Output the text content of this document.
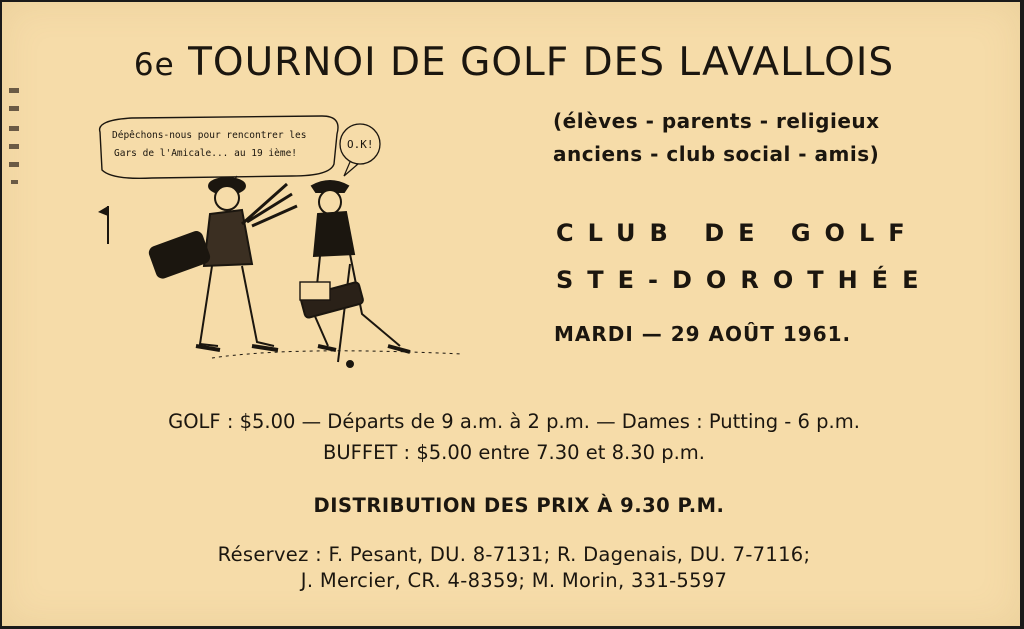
6e TOURNOI DE GOLF DES LAVALLOIS
(élèves - parents - religieux
anciens - club social - amis)
CLUB DE GOLF
STE-DOROTHÉE
MARDI — 29 AOÛT 1961.
Dépêchons-nous pour rencontrer les
Gars de l'Amicale... au 19 ième!
O.K!
GOLF : $5.00 — Départs de 9 a.m. à 2 p.m. — Dames : Putting - 6 p.m.
BUFFET : $5.00 entre 7.30 et 8.30 p.m.
DISTRIBUTION DES PRIX À 9.30 P.M.
Réservez : F. Pesant, DU. 8-7131; R. Dagenais, DU. 7-7116;
J. Mercier, CR. 4-8359; M. Morin, 331-5597
